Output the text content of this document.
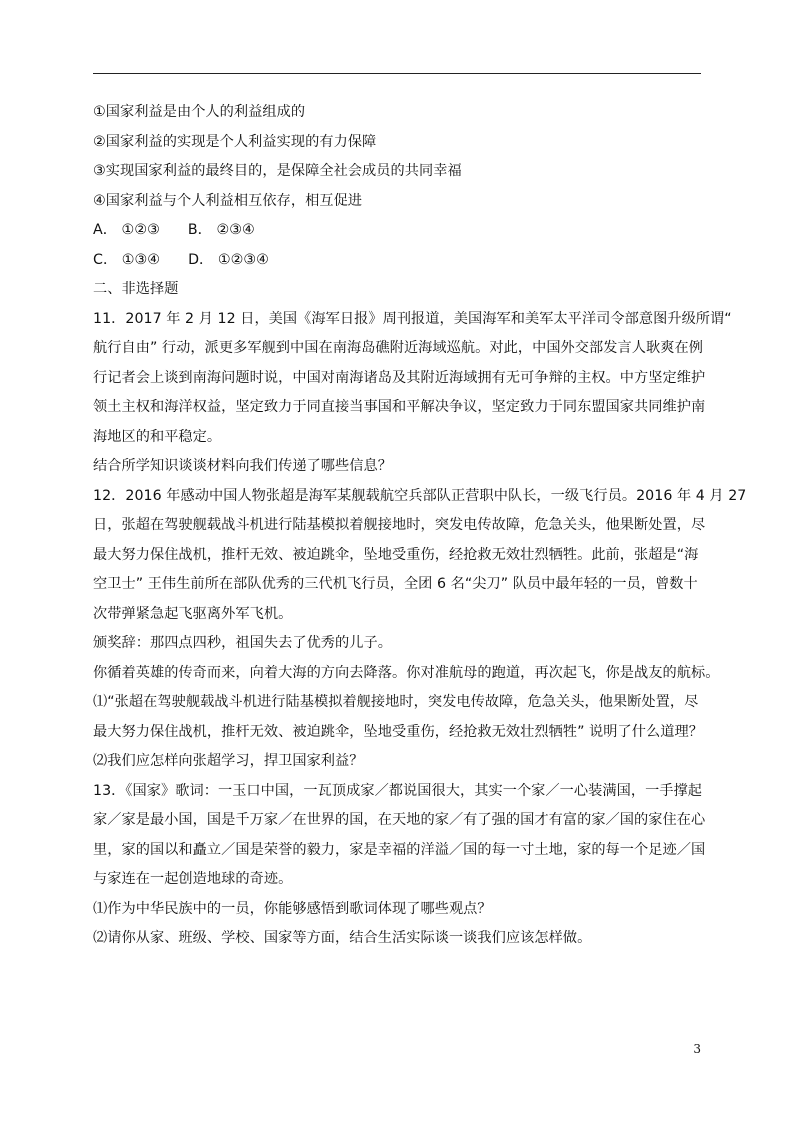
①国家利益是由个人的利益组成的
②国家利益的实现是个人利益实现的有力保障
③实现国家利益的最终目的，是保障全社会成员的共同幸福
④国家利益与个人利益相互依存，相互促进
A． ①②③ B． ②③④
C． ①③④ D． ①②③④
二、非选择题
11．2017 年 2 月 12 日，美国《海军日报》周刊报道，美国海军和美军太平洋司令部意图升级所谓“
航行自由” 行动，派更多军舰到中国在南海岛礁附近海域巡航。对此，中国外交部发言人耿爽在例
行记者会上谈到南海问题时说，中国对南海诸岛及其附近海域拥有无可争辩的主权。中方坚定维护
领土主权和海洋权益，坚定致力于同直接当事国和平解决争议，坚定致力于同东盟国家共同维护南
海地区的和平稳定。
结合所学知识谈谈材料向我们传递了哪些信息？
12．2016 年感动中国人物张超是海军某舰载航空兵部队正营职中队长，一级飞行员。2016 年 4 月 27
日，张超在驾驶舰载战斗机进行陆基模拟着舰接地时，突发电传故障，危急关头，他果断处置，尽
最大努力保住战机，推杆无效、被迫跳伞，坠地受重伤，经抢救无效壮烈牺牲。此前，张超是“海
空卫士” 王伟生前所在部队优秀的三代机飞行员，全团 6 名“尖刀” 队员中最年轻的一员，曾数十
次带弹紧急起飞驱离外军飞机。
颁奖辞：那四点四秒，祖国失去了优秀的儿子。
你循着英雄的传奇而来，向着大海的方向去降落。你对准航母的跑道，再次起飞，你是战友的航标。
⑴“张超在驾驶舰载战斗机进行陆基模拟着舰接地时，突发电传故障，危急关头，他果断处置，尽
最大努力保住战机，推杆无效、被迫跳伞，坠地受重伤，经抢救无效壮烈牺牲” 说明了什么道理？
⑵我们应怎样向张超学习，捍卫国家利益？
13．《国家》歌词：一玉口中国，一瓦顶成家／都说国很大，其实一个家／一心装满国，一手撑起
家／家是最小国，国是千万家／在世界的国，在天地的家／有了强的国才有富的家／国的家住在心
里，家的国以和矗立／国是荣誉的毅力，家是幸福的洋溢／国的每一寸土地，家的每一个足迹／国
与家连在一起创造地球的奇迹。
⑴作为中华民族中的一员，你能够感悟到歌词体现了哪些观点？
⑵请你从家、班级、学校、国家等方面，结合生活实际谈一谈我们应该怎样做。
3
